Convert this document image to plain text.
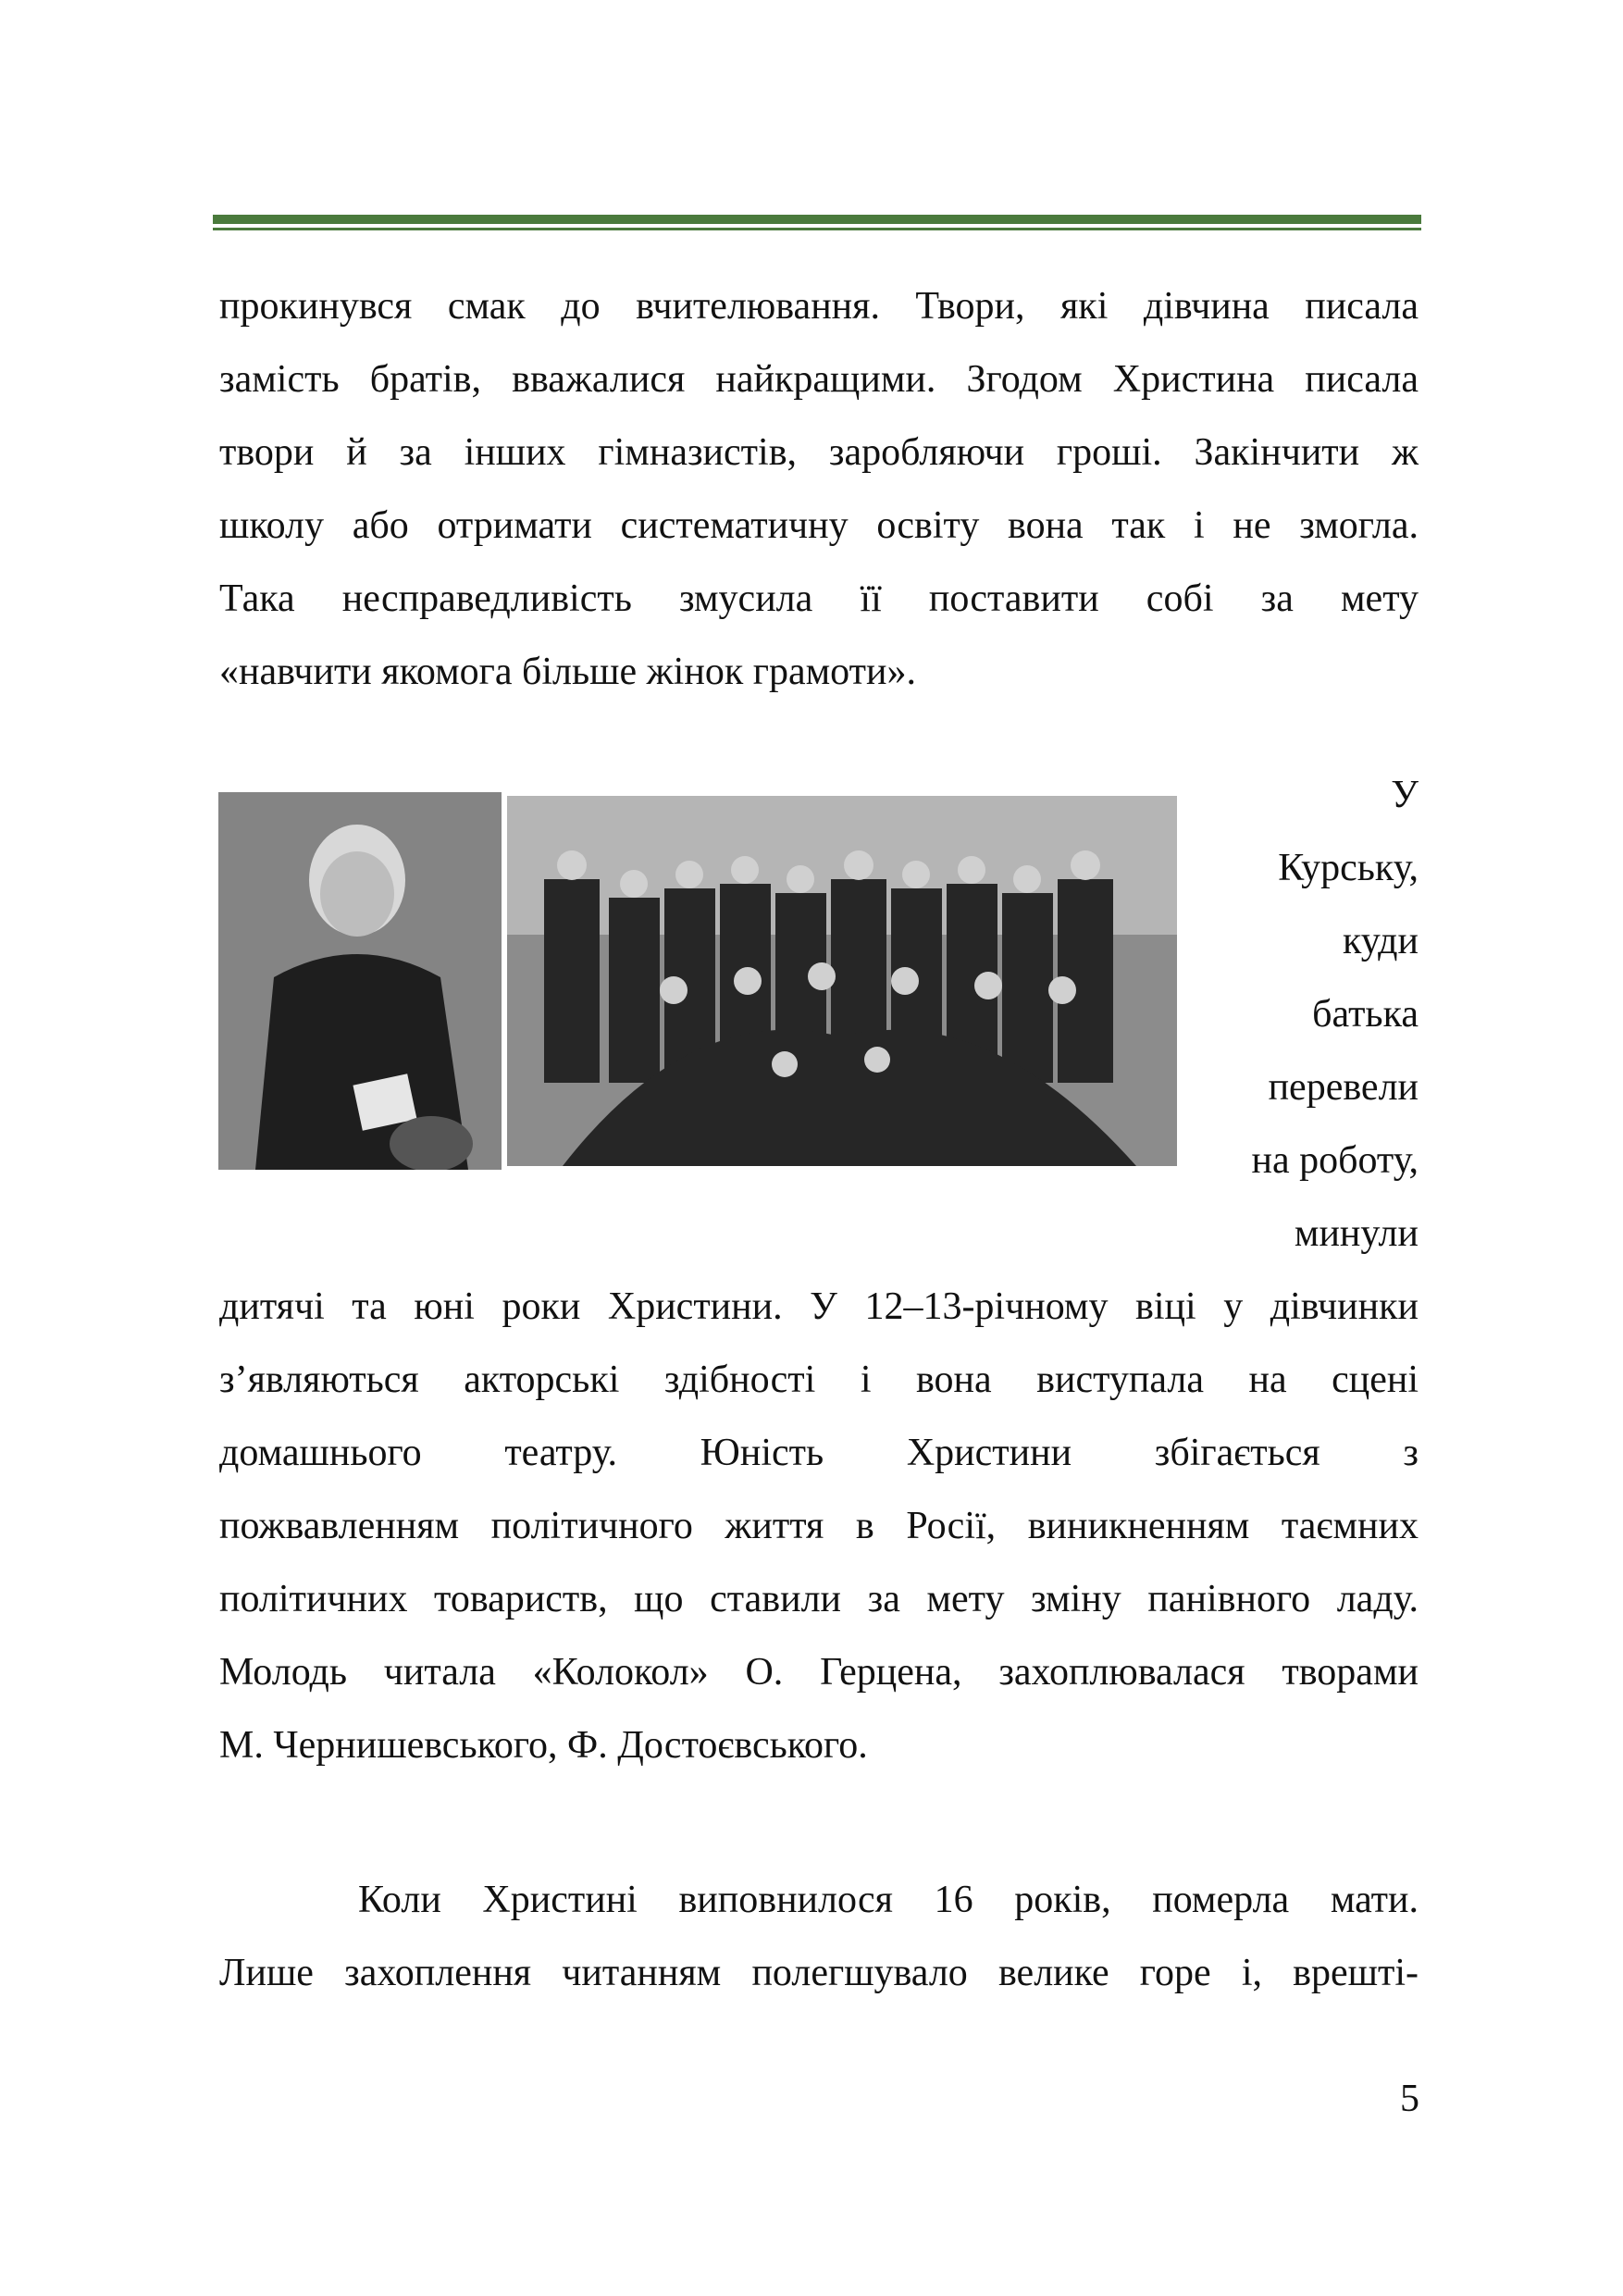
прокинувся смак до вчителювання. Твори, які дівчина писала
замість братів, вважалися найкращими. Згодом Христина писала
твори й за інших гімназистів, заробляючи гроші. Закінчити ж
школу або отримати систематичну освіту вона так і не змогла.
Така несправедливість змусила її поставити собі за мету
«навчити якомога більше жінок грамоти».
У
Курську,
куди
батька
перевели
на роботу,
минули
дитячі та юні роки Христини. У 12–13-річному віці у дівчинки
з’являються акторські здібності і вона виступала на сцені
домашнього театру. Юність Христини збігається з
пожвавленням політичного життя в Росії, виникненням таємних
політичних товариств, що ставили за мету зміну панівного ладу.
Молодь читала «Колокол» О. Герцена, захоплювалася творами
М. Чернишевського, Ф. Достоєвського.
Коли Христині виповнилося 16 років, померла мати.
Лише захоплення читанням полегшувало велике горе і, врешті-
5
